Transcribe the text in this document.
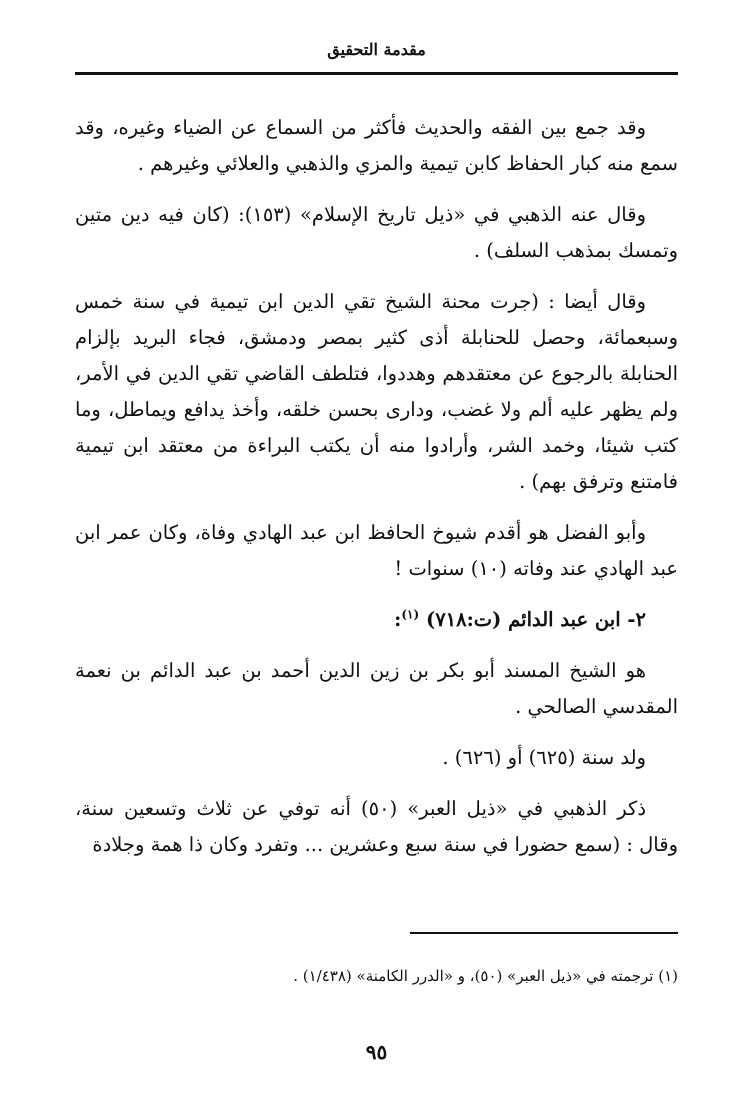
مقدمة التحقيق

وقد جمع بين الفقه والحديث فأكثر من السماع عن الضياء وغيره، وقد سمع منه كبار الحفاظ كابن تيمية والمزي والذهبي والعلائي وغيرهم .

وقال عنه الذهبي في «ذيل تاريخ الإسلام» (١٥٣): (كان فيه دين متين وتمسك بمذهب السلف) .

وقال أيضا : (جرت محنة الشيخ تقي الدين ابن تيمية في سنة خمس وسبعمائة، وحصل للحنابلة أذى كثير بمصر ودمشق، فجاء البريد بإلزام الحنابلة بالرجوع عن معتقدهم وهددوا، فتلطف القاضي تقي الدين في الأمر، ولم يظهر عليه ألم ولا غضب، ودارى بحسن خلقه، وأخذ يدافع ويماطل، وما كتب شيئا، وخمد الشر، وأرادوا منه أن يكتب البراءة من معتقد ابن تيمية فامتنع وترفق بهم) .

وأبو الفضل هو أقدم شيوخ الحافظ ابن عبد الهادي وفاة، وكان عمر ابن عبد الهادي عند وفاته (١٠) سنوات !

٢- ابن عبد الدائم (ت:٧١٨) $^{(١)}$:

هو الشيخ المسند أبو بكر بن زين الدين أحمد بن عبد الدائم بن نعمة المقدسي الصالحي .

ولد سنة (٦٢٥) أو (٦٢٦) .

ذكر الذهبي في «ذيل العبر» (٥٠) أنه توفي عن ثلاث وتسعين سنة، وقال : (سمع حضورا في سنة سبع وعشرين ... وتفرد وكان ذا همة وجلادة

(١) ترجمته في «ذيل العبر» (٥٠)، و «الدرر الكامنة» (١/٤٣٨) .
٩٥
